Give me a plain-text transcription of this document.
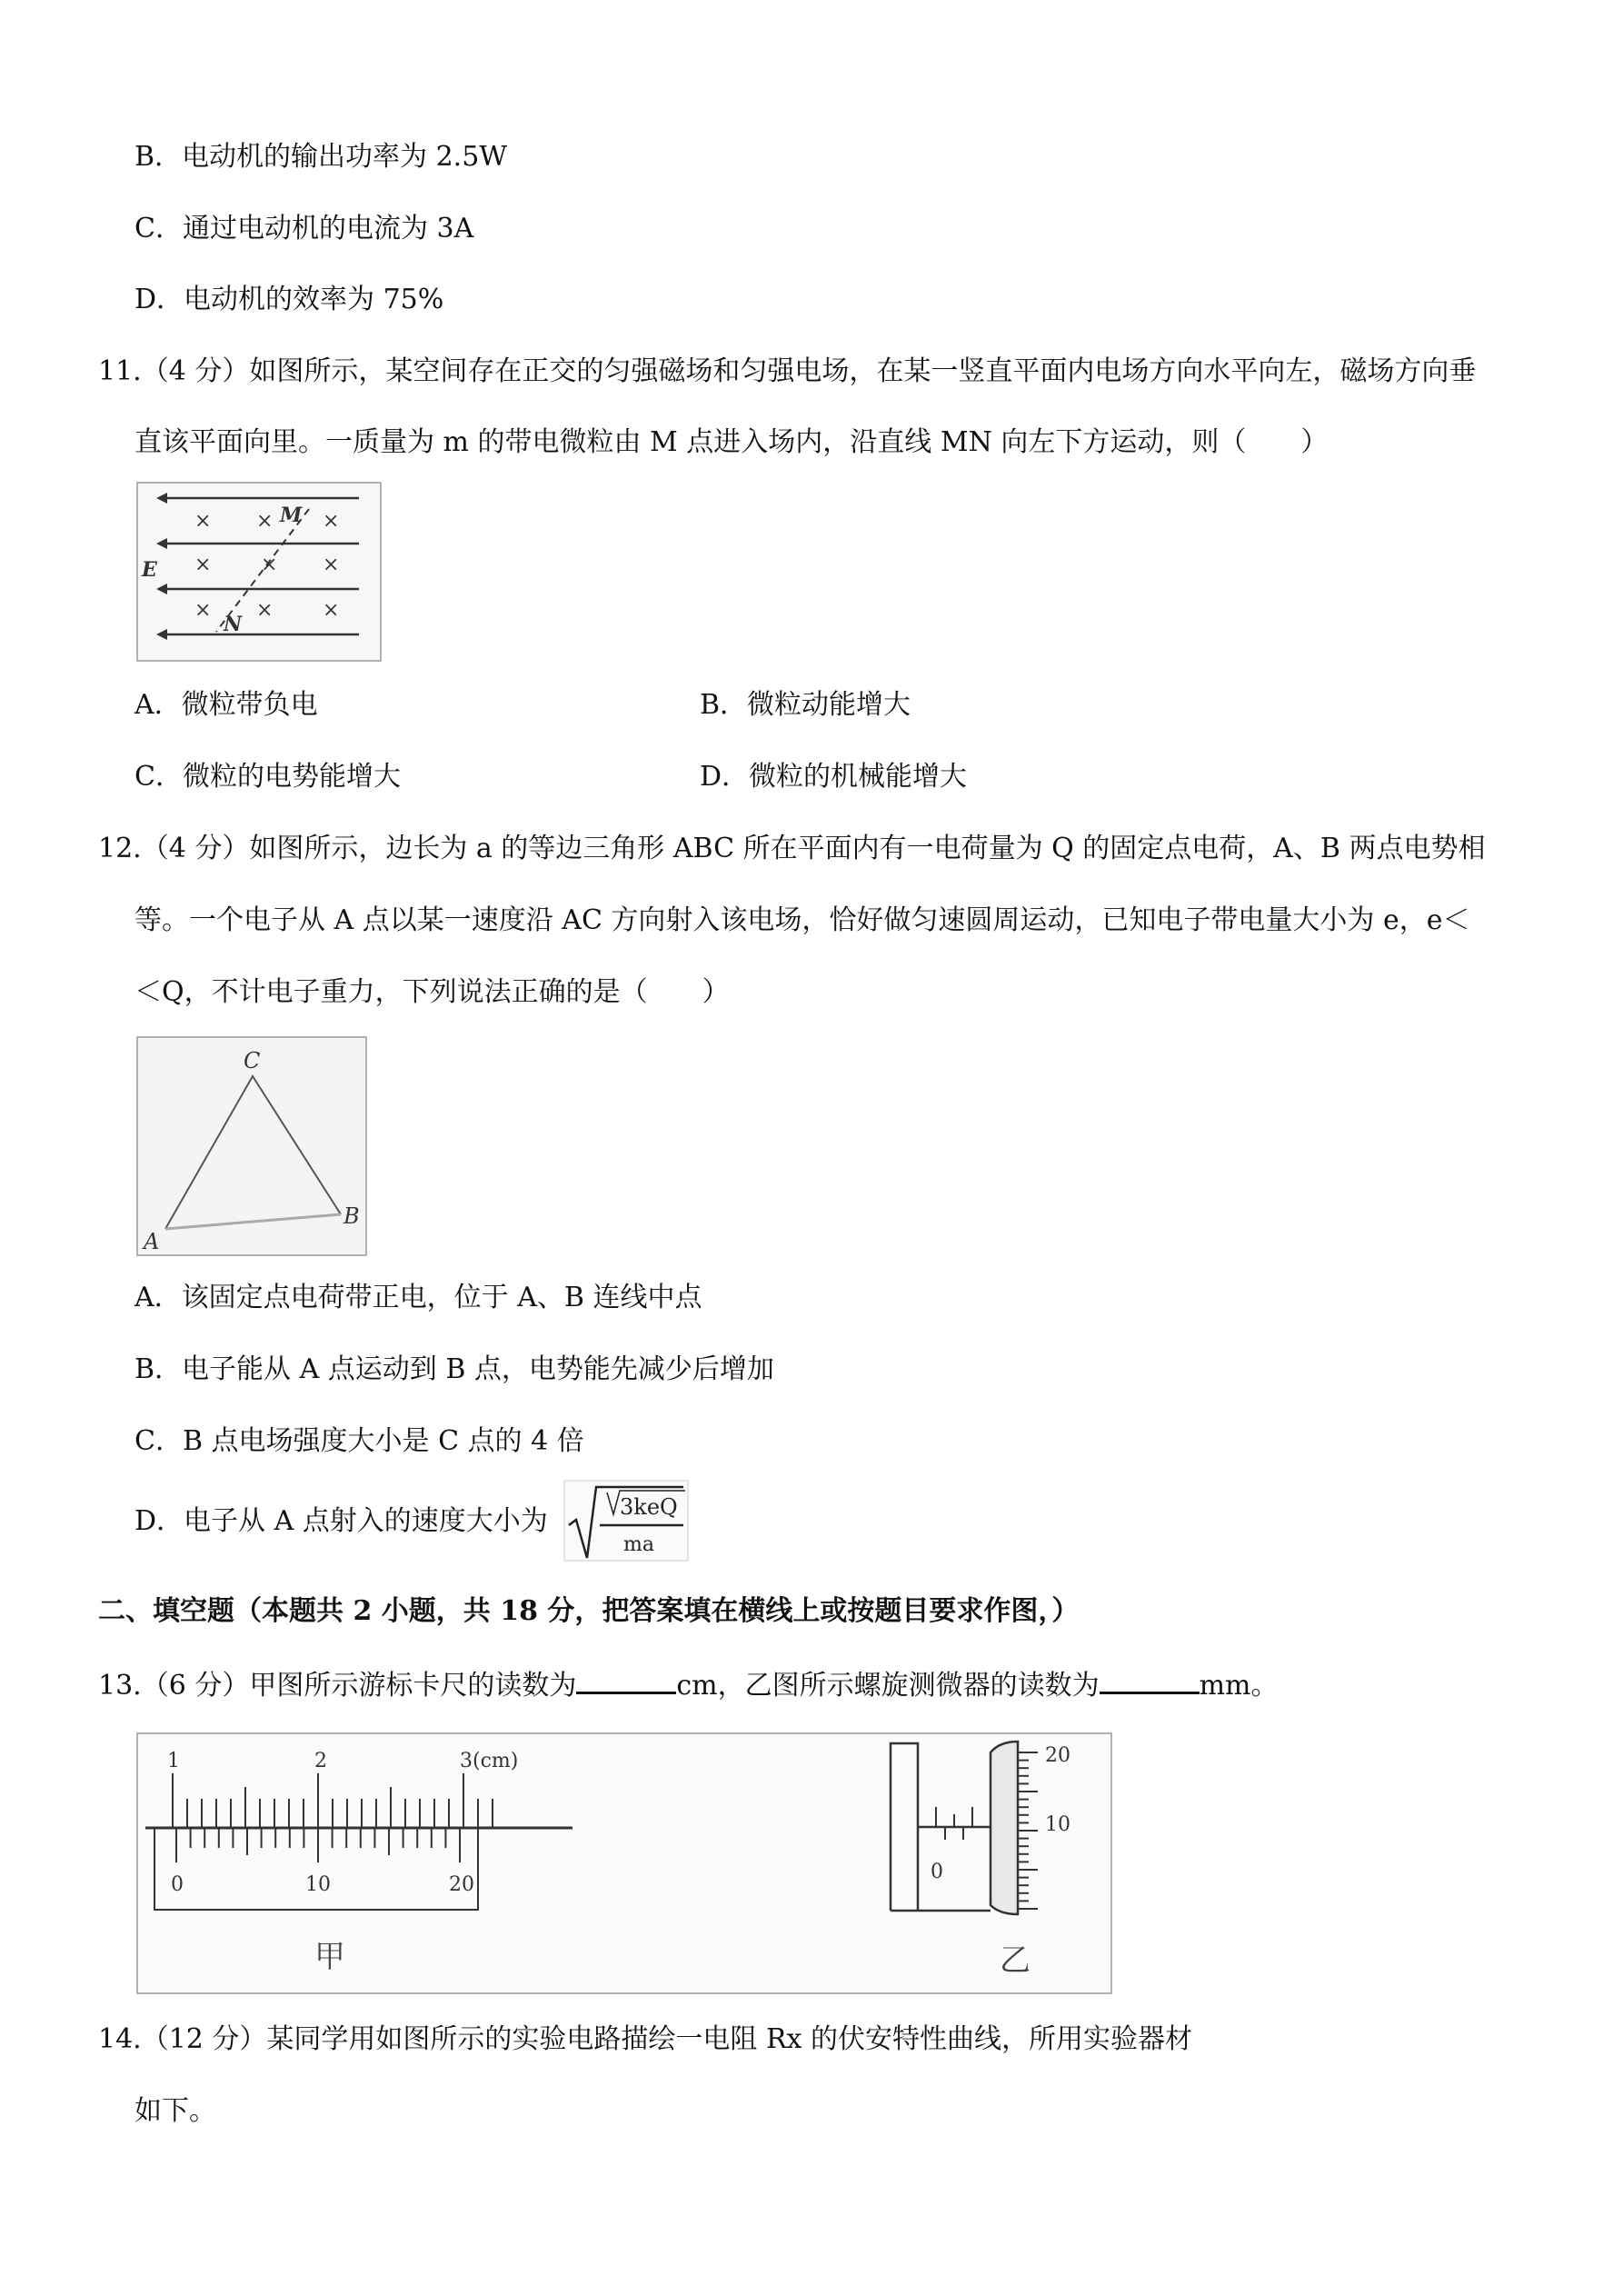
B．电动机的输出功率为 2.5W
C．通过电动机的电流为 3A
D．电动机的效率为 75%
11.（4 分）如图所示，某空间存在正交的匀强磁场和匀强电场，在某一竖直平面内电场方向水平向左，磁场方向垂
直该平面向里。一质量为 m 的带电微粒由 M 点进入场内，沿直线 MN 向左下方运动，则（　　）
× × ×
× × ×
× × ×
M
N
E
A．微粒带负电	B．微粒动能增大
C．微粒的电势能增大	D．微粒的机械能增大
12.（4 分）如图所示，边长为 a 的等边三角形 ABC 所在平面内有一电荷量为 Q 的固定点电荷，A、B 两点电势相
等。一个电子从 A 点以某一速度沿 AC 方向射入该电场，恰好做匀速圆周运动，已知电子带电量大小为 e，e＜
＜Q，不计电子重力，下列说法正确的是（　　）
C
A
B
A．该固定点电荷带正电，位于 A、B 连线中点
B．电子能从 A 点运动到 B 点，电势能先减少后增加
C．B 点电场强度大小是 C 点的 4 倍
D．电子从 A 点射入的速度大小为	3keQ
ma
二、填空题（本题共 2 小题，共 18 分，把答案填在横线上或按题目要求作图，）
13.（6 分）甲图所示游标卡尺的读数为	cm，乙图所示螺旋测微器的读数为	mm。
1	2	3(cm)
0	10	20
甲
20
10
0
乙
14.（12 分）某同学用如图所示的实验电路描绘一电阻 Rx 的伏安特性曲线，所用实验器材
如下。
